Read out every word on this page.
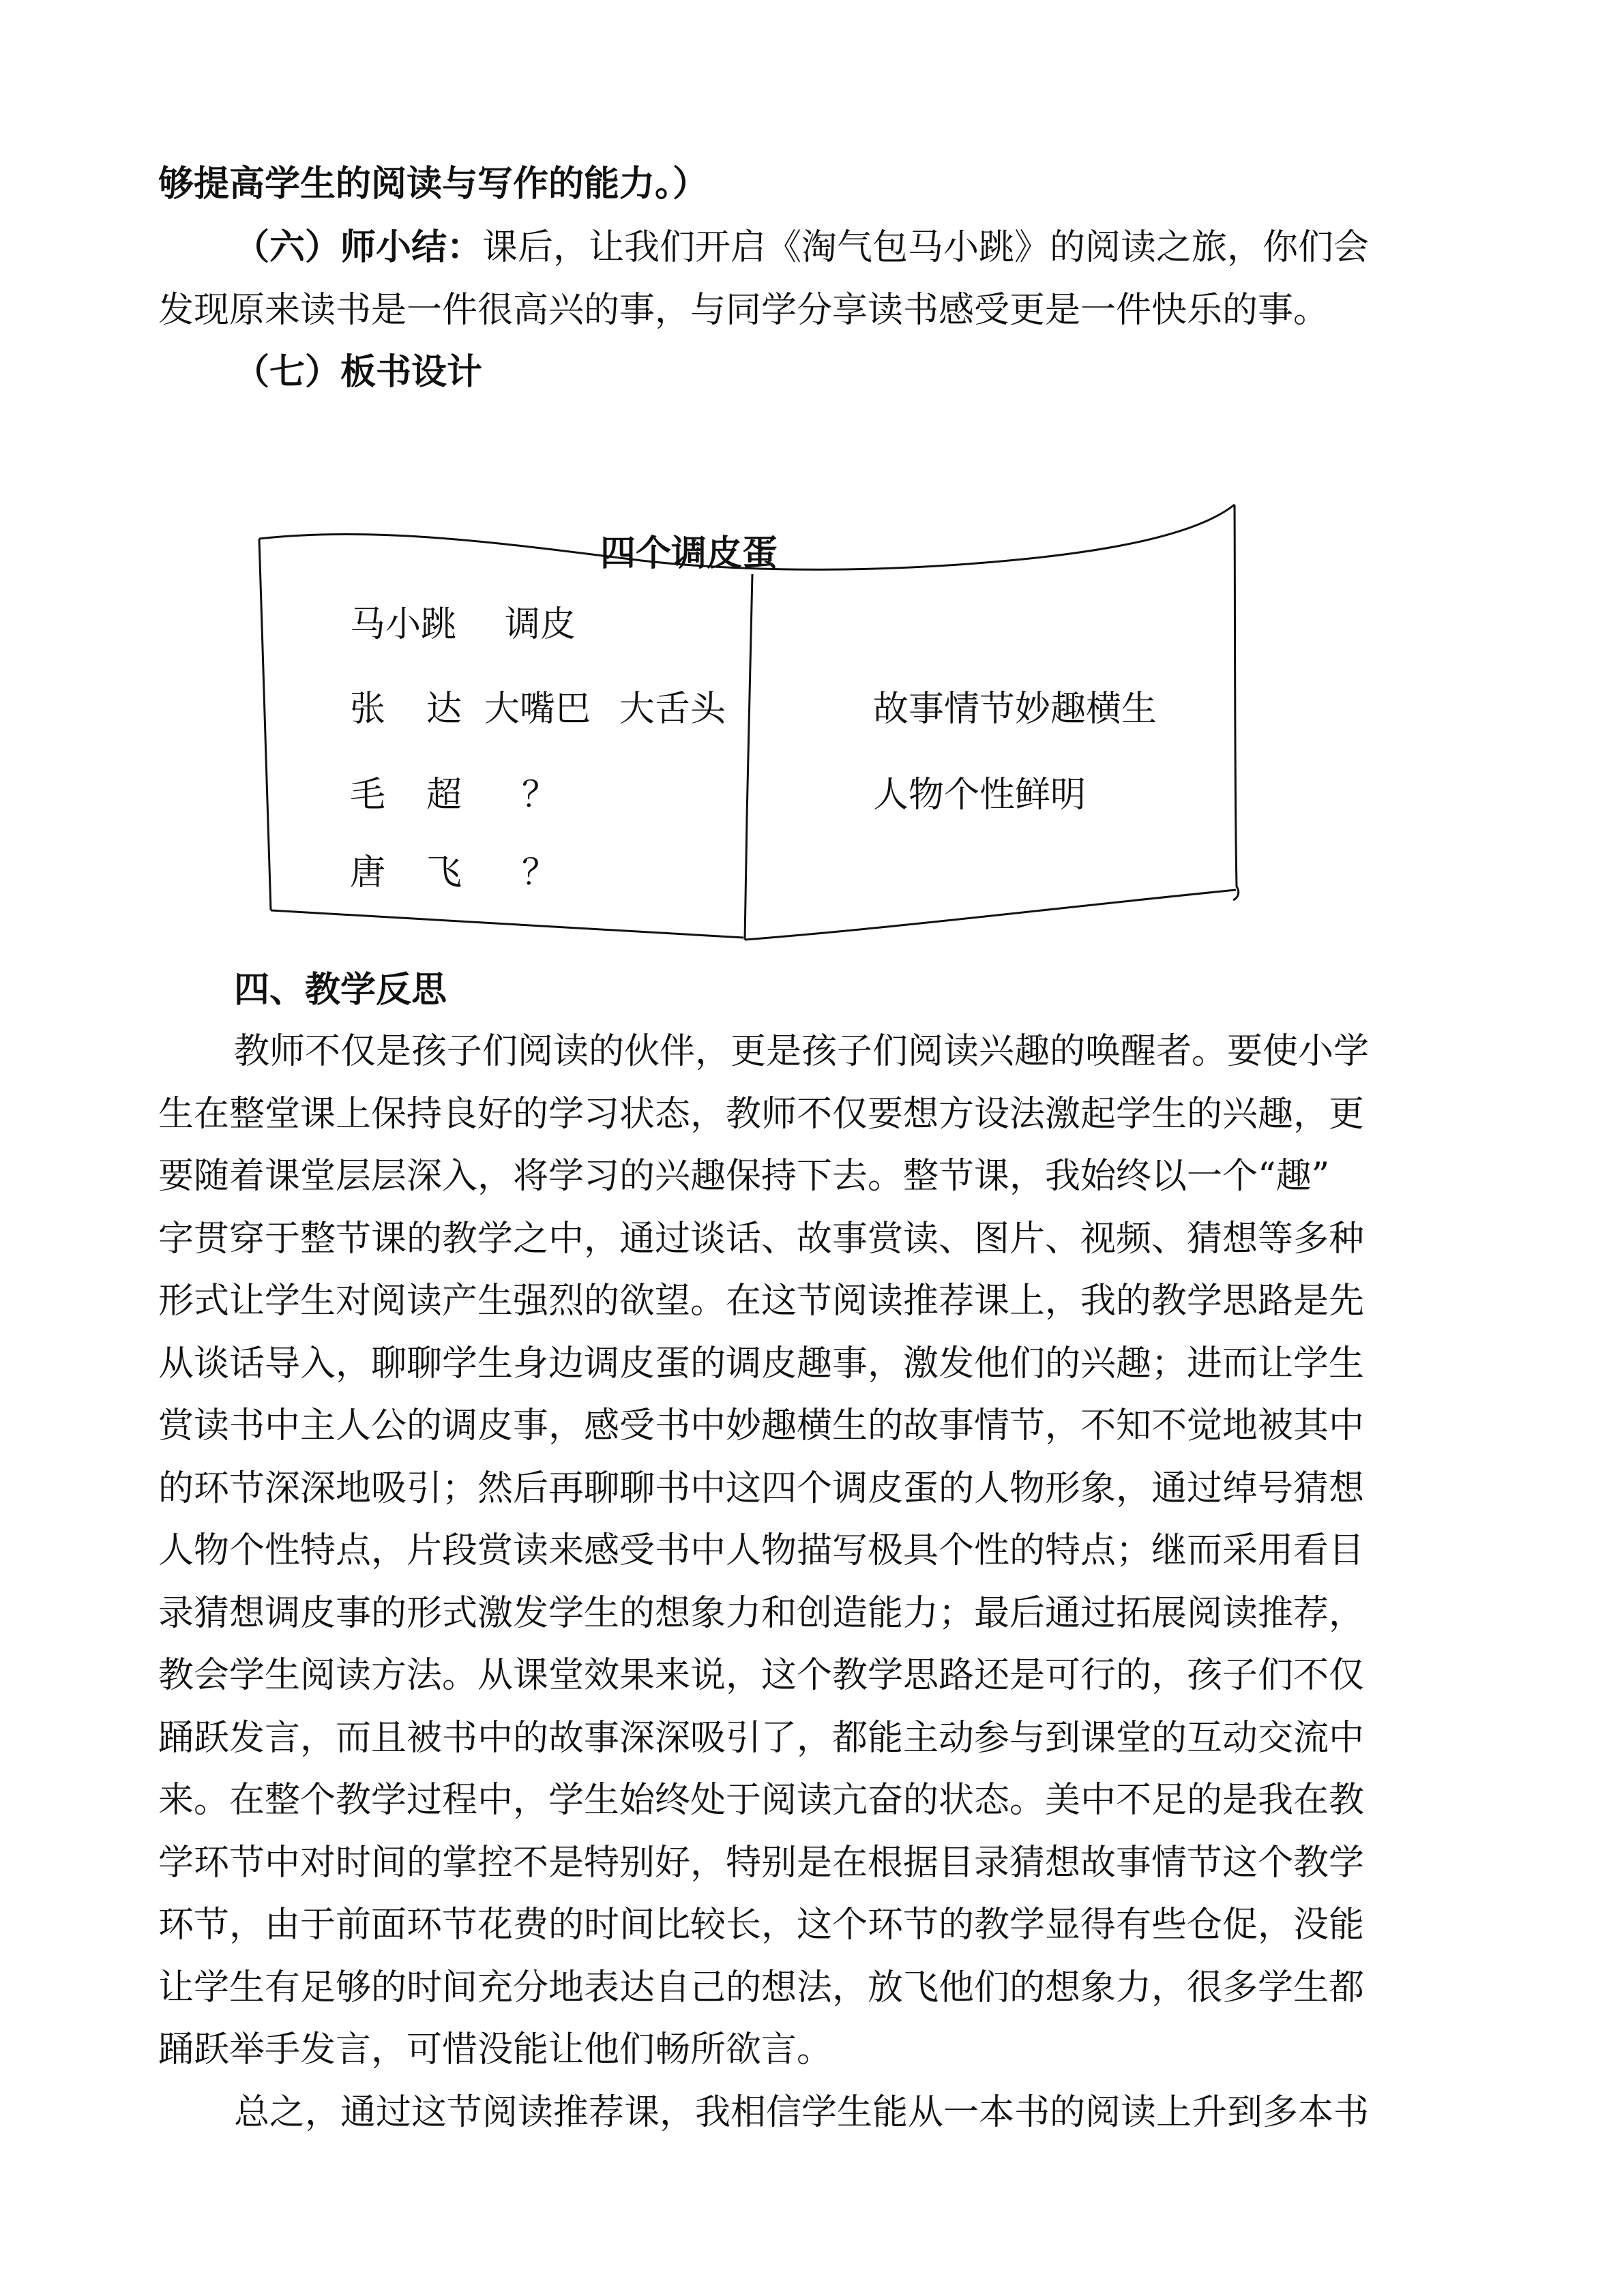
够提高学生的阅读与写作的能力。）
（六）师小结：课后，让我们开启《淘气包马小跳》的阅读之旅，你们会
发现原来读书是一件很高兴的事，与同学分享读书感受更是一件快乐的事。
（七）板书设计
四个调皮蛋
马小跳 调皮
张 达 大嘴巴 大舌头
毛 超 ？
唐 飞 ？
故事情节妙趣横生
人物个性鲜明
四、教学反思
教师不仅是孩子们阅读的伙伴，更是孩子们阅读兴趣的唤醒者。要使小学
生在整堂课上保持良好的学习状态，教师不仅要想方设法激起学生的兴趣，更
要随着课堂层层深入，将学习的兴趣保持下去。整节课，我始终以一个“趣”
字贯穿于整节课的教学之中，通过谈话、故事赏读、图片、视频、猜想等多种
形式让学生对阅读产生强烈的欲望。在这节阅读推荐课上，我的教学思路是先
从谈话导入，聊聊学生身边调皮蛋的调皮趣事，激发他们的兴趣；进而让学生
赏读书中主人公的调皮事，感受书中妙趣横生的故事情节，不知不觉地被其中
的环节深深地吸引；然后再聊聊书中这四个调皮蛋的人物形象，通过绰号猜想
人物个性特点，片段赏读来感受书中人物描写极具个性的特点；继而采用看目
录猜想调皮事的形式激发学生的想象力和创造能力；最后通过拓展阅读推荐，
教会学生阅读方法。从课堂效果来说，这个教学思路还是可行的，孩子们不仅
踊跃发言，而且被书中的故事深深吸引了，都能主动参与到课堂的互动交流中
来。在整个教学过程中，学生始终处于阅读亢奋的状态。美中不足的是我在教
学环节中对时间的掌控不是特别好，特别是在根据目录猜想故事情节这个教学
环节，由于前面环节花费的时间比较长，这个环节的教学显得有些仓促，没能
让学生有足够的时间充分地表达自己的想法，放飞他们的想象力，很多学生都
踊跃举手发言，可惜没能让他们畅所欲言。
总之，通过这节阅读推荐课，我相信学生能从一本书的阅读上升到多本书
